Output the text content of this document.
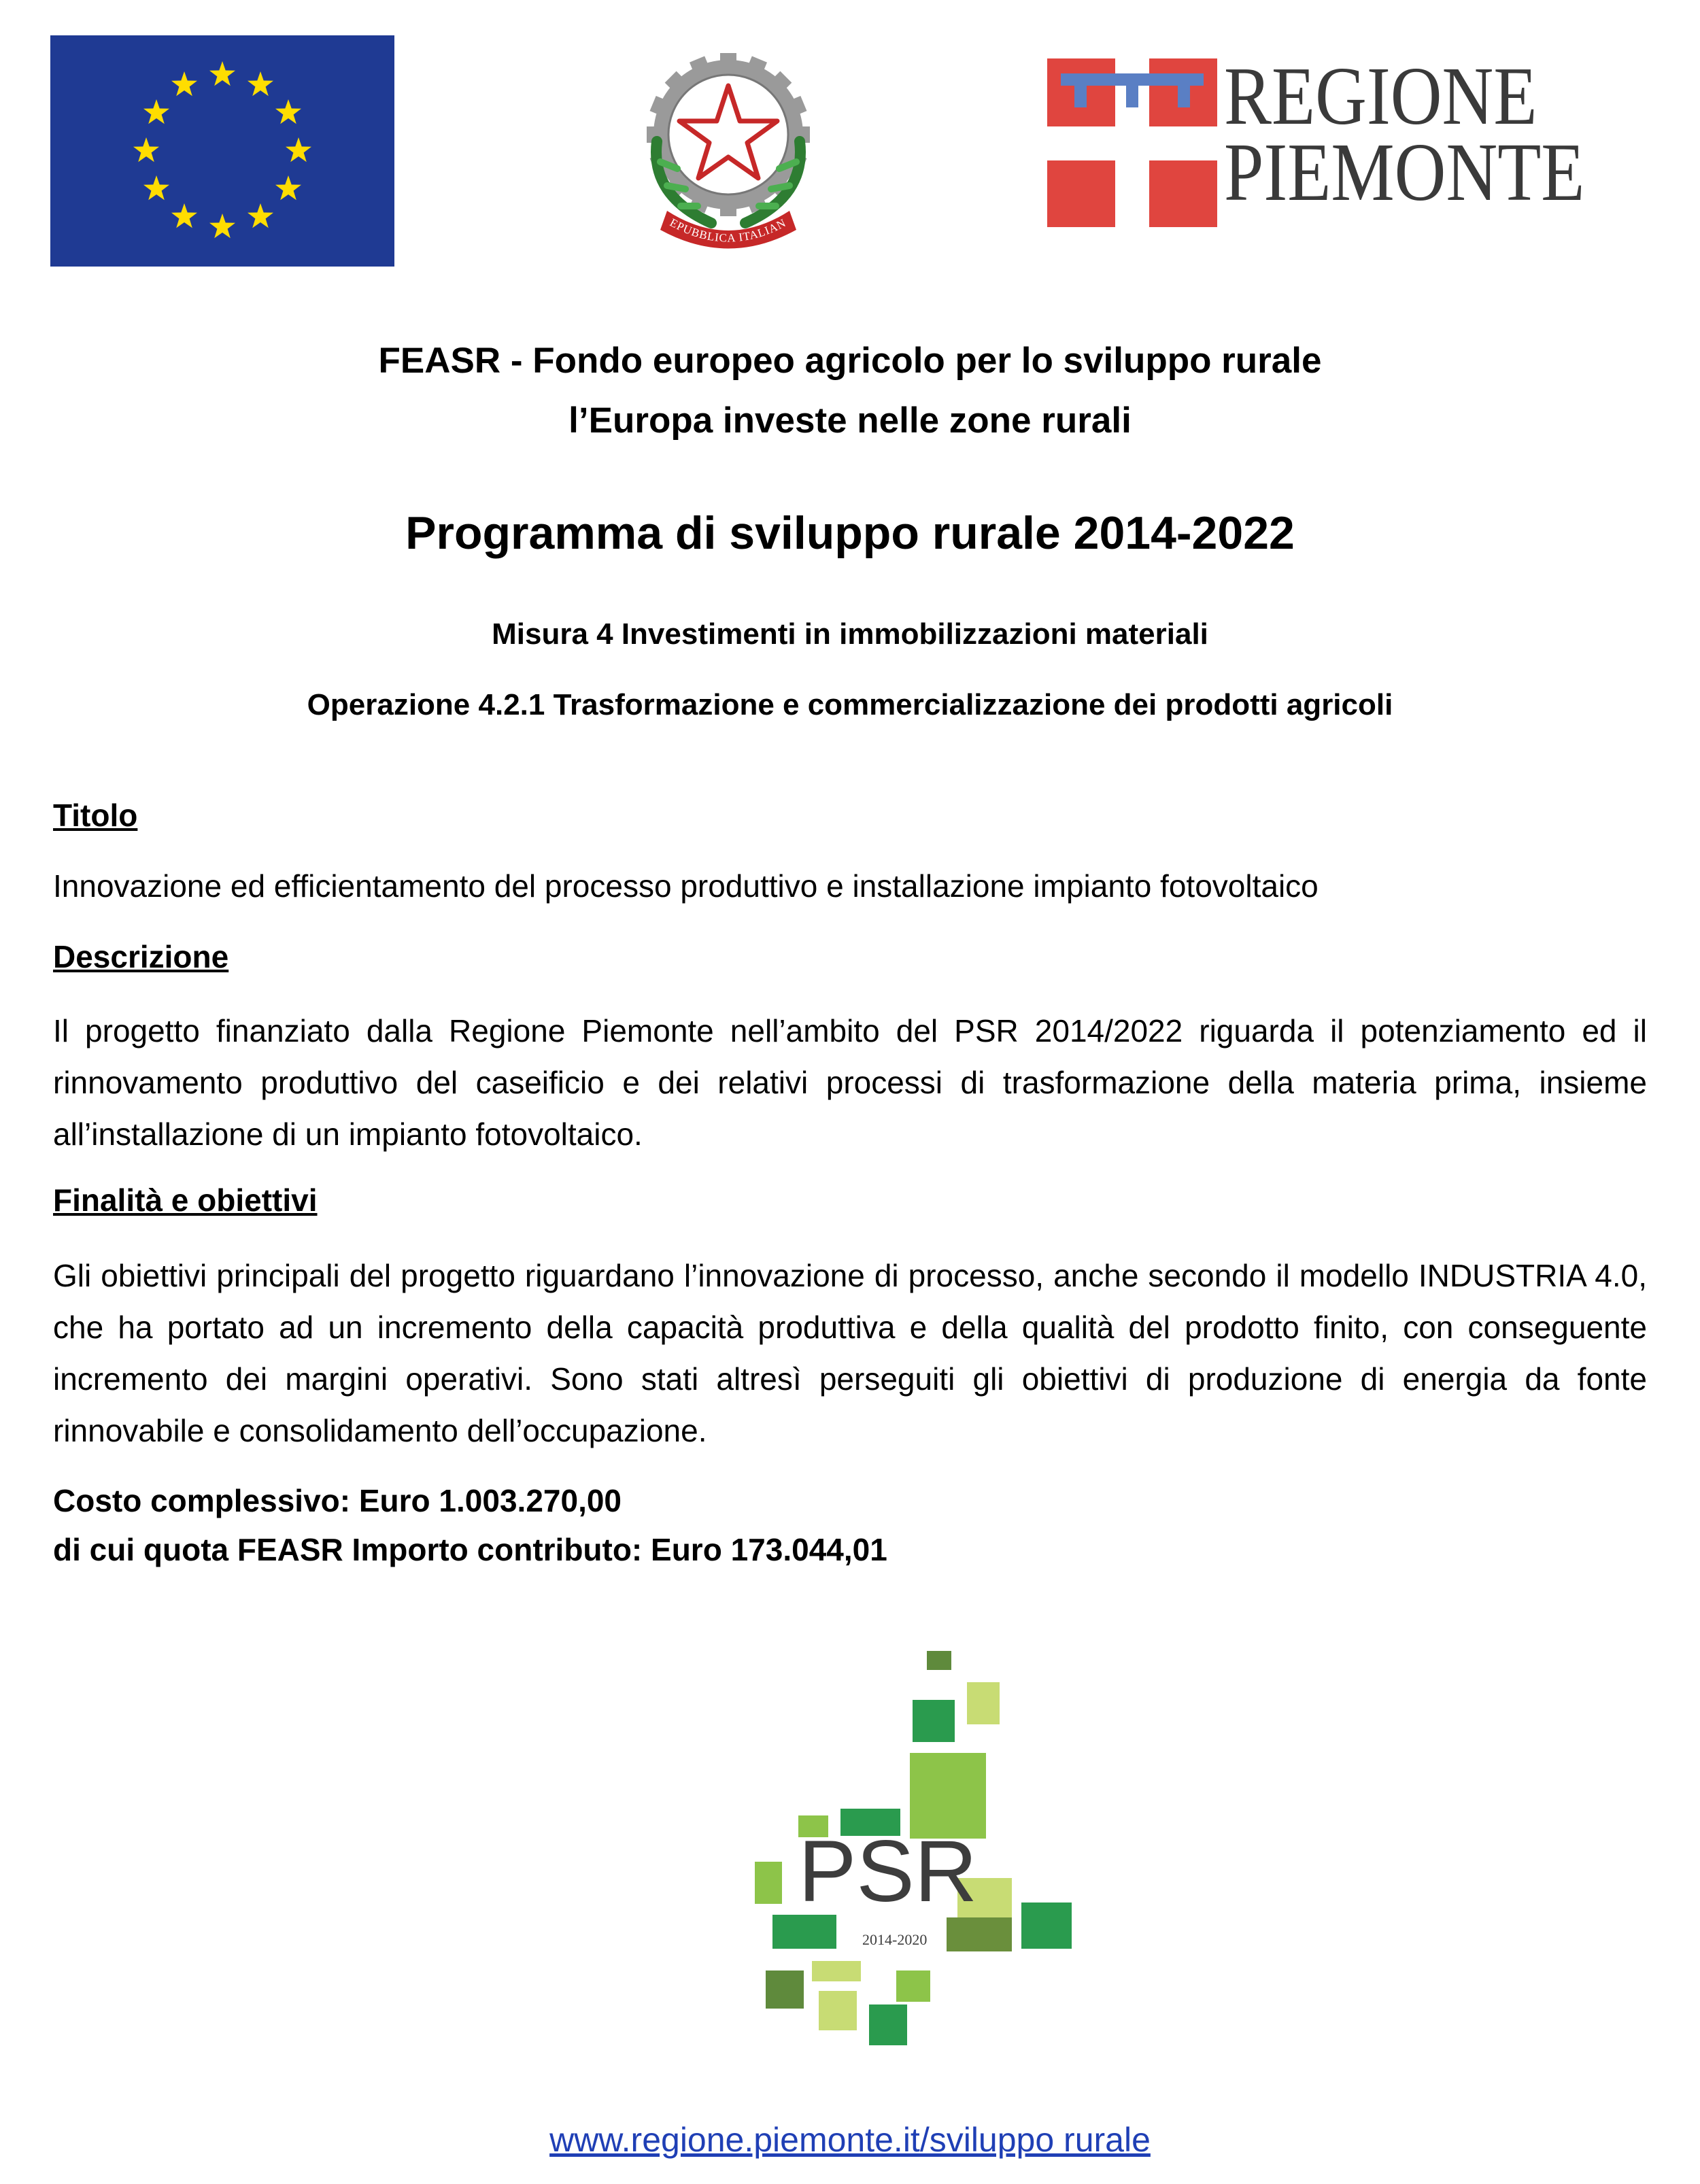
EPUBBLICA ITALIAN
REGIONE
PIEMONTE
FEASR - Fondo europeo agricolo per lo sviluppo rurale
l’Europa investe nelle zone rurali
Programma di sviluppo rurale 2014-2022
Misura 4 Investimenti in immobilizzazioni materiali
Operazione 4.2.1 Trasformazione e commercializzazione dei prodotti agricoli
Titolo
Innovazione ed efficientamento del processo produttivo e installazione impianto fotovoltaico
Descrizione
Il progetto finanziato dalla Regione Piemonte nell’ambito del PSR 2014/2022 riguarda il potenziamento ed il rinnovamento produttivo del caseificio e dei relativi processi di trasformazione della materia prima, insieme all’installazione di un impianto fotovoltaico.
Finalità e obiettivi
Gli obiettivi principali del progetto riguardano l’innovazione di processo, anche secondo il modello INDUSTRIA 4.0, che ha portato ad un incremento della capacità produttiva e della qualità del prodotto finito, con conseguente incremento dei margini operativi. Sono stati altresì perseguiti gli obiettivi di produzione di energia da fonte rinnovabile e consolidamento dell’occupazione.
Costo complessivo: Euro 1.003.270,00
di cui quota FEASR Importo contributo: Euro 173.044,01
PSR
2014-2020
www.regione.piemonte.it/sviluppo rurale
